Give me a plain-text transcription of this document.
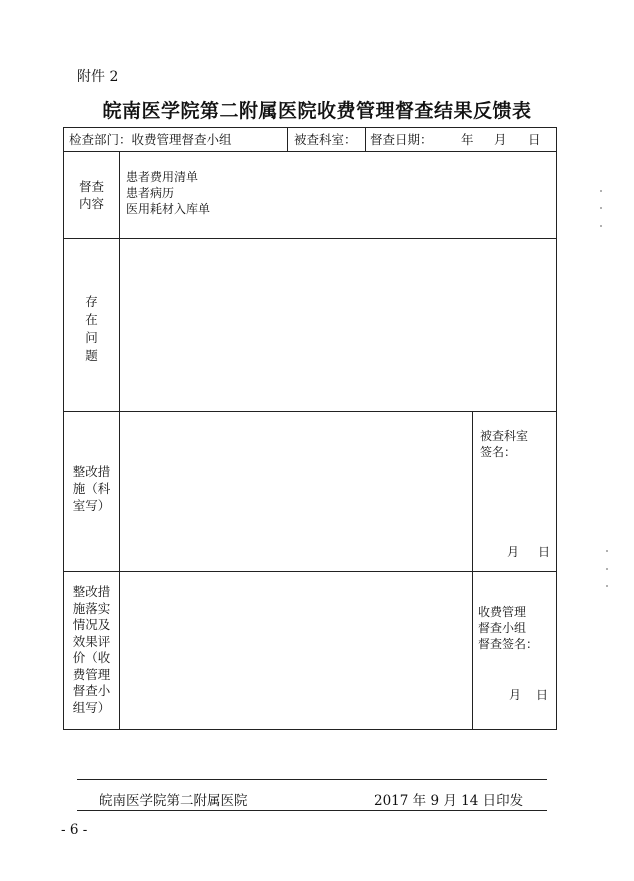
附件 2
皖南医学院第二附属医院收费管理督查结果反馈表
检查部门：收费管理督查小组	被查科室： 督查日期： 年 月 日
督查
内容
患者费用清单
患者病历
医用耗材入库单
存
在
问
题
整改措
施（科
室写）
被查科室
签名：
月 日
整改措
施落实
情况及
效果评
价（收
费管理
督查小
组写）
收费管理
督查小组
督查签名：
月 日
皖南医学院第二附属医院	2017 年 9 月 14 日印发
- 6 -
